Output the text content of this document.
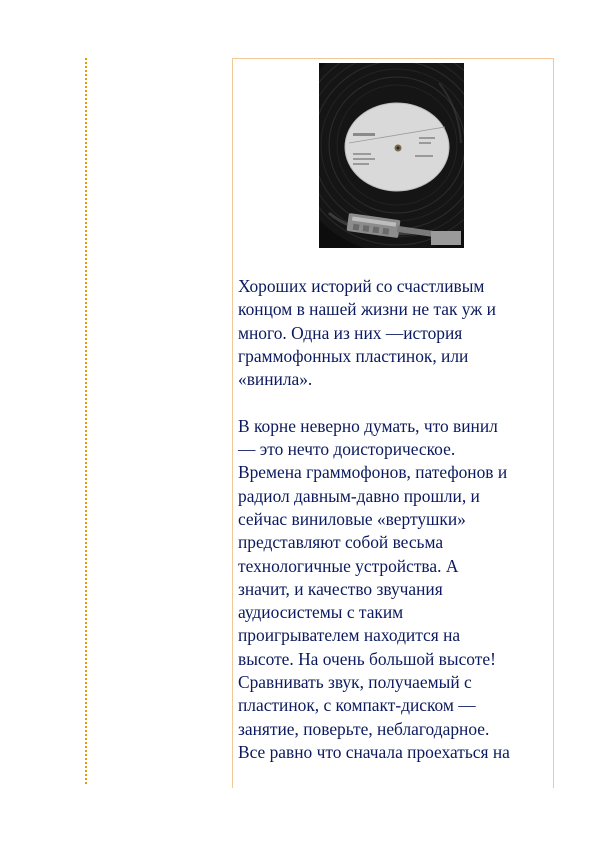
Хороших историй со счастливым
концом в нашей жизни не так уж и
много. Одна из них —история
граммофонных пластинок, или
«винила».

В корне неверно думать, что винил
— это нечто доисторическое.
Времена граммофонов, патефонов и
радиол давным-давно прошли, и
сейчас виниловые «вертушки»
представляют собой весьма
технологичные устройства. А
значит, и качество звучания
аудиосистемы с таким
проигрывателем находится на
высоте. На очень большой высоте!
Сравнивать звук, получаемый с
пластинок, с компакт-диском —
занятие, поверьте, неблагодарное.
Все равно что сначала проехаться на
